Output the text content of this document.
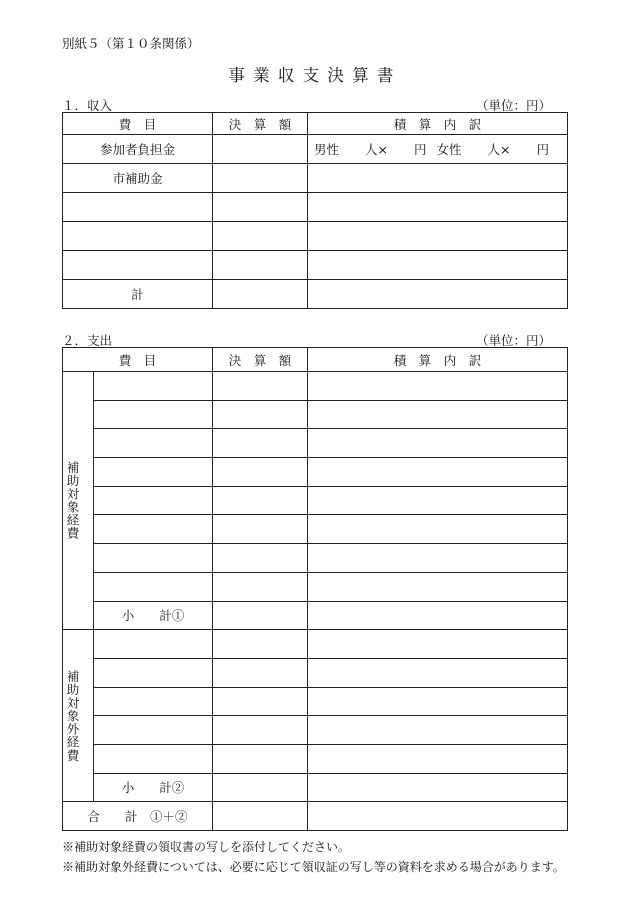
別紙５（第１０条関係）
事業収支決算書
１．収入	（単位：円）
費　目	決　算　額	積　算　内　訳
参加者負担金		男性 人× 円 女性 人× 円
市補助金		

計		
２．支出	（単位：円）
費　目		決　算　額	積　算　内　訳

補助対象経費			

	小　　計①		

補助対象外経費			

	小　　計②		
合　　計　①＋②			
※補助対象経費の領収書の写しを添付してください。
※補助対象外経費については、必要に応じて領収証の写し等の資料を求める場合があります。
